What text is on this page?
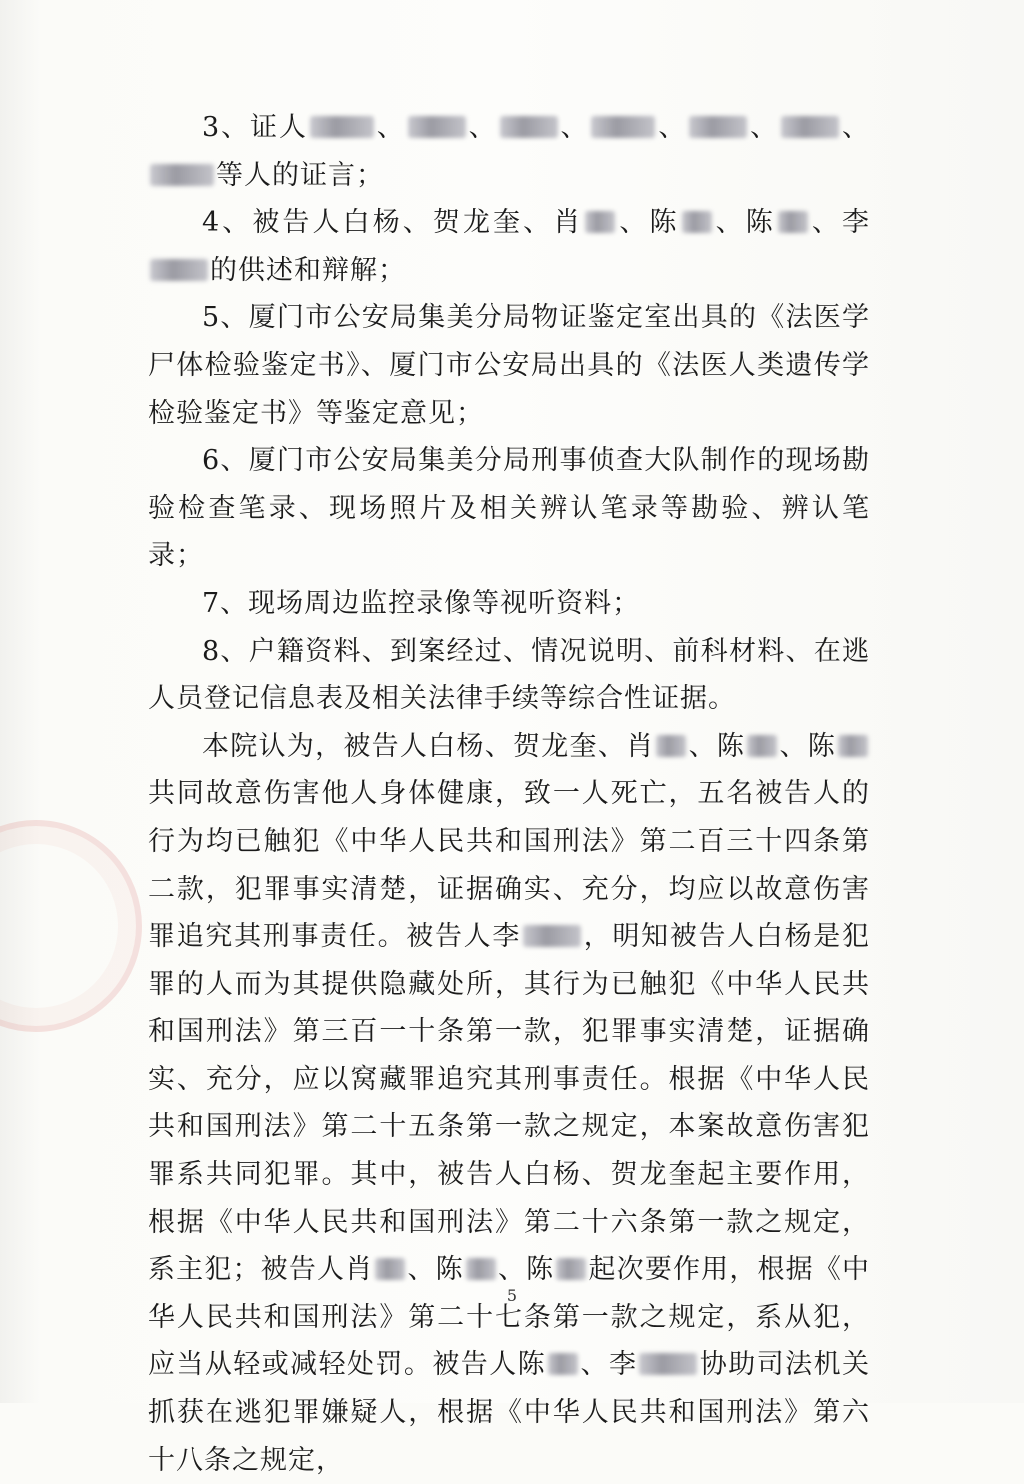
3、证人	、 、 、	、 、 、等人的证言；

4、被告人白杨、贺龙奎、肖 、陈 、陈 、李的供述和辩解；

5、厦门市公安局集美分局物证鉴定室出具的《法医学尸体检验鉴定书》、厦门市公安局出具的《法医人类遗传学检验鉴定书》等鉴定意见；

6、厦门市公安局集美分局刑事侦查大队制作的现场勘验检查笔录、现场照片及相关辨认笔录等勘验、辨认笔录；

7、现场周边监控录像等视听资料；

8、户籍资料、到案经过、情况说明、前科材料、在逃人员登记信息表及相关法律手续等综合性证据。

本院认为，被告人白杨、贺龙奎、肖 、陈 、陈共同故意伤害他人身体健康，致一人死亡，五名被告人的行为均已触犯《中华人民共和国刑法》第二百三十四条第二款，犯罪事实清楚，证据确实、充分，均应以故意伤害罪追究其刑事责任。被告人李 ，明知被告人白杨是犯罪的人而为其提供隐藏处所，其行为已触犯《中华人民共和国刑法》第三百一十条第一款，犯罪事实清楚，证据确实、充分，应以窝藏罪追究其刑事责任。根据《中华人民共和国刑法》第二十五条第一款之规定，本案故意伤害犯罪系共同犯罪。其中，被告人白杨、贺龙奎起主要作用，根据《中华人民共和国刑法》第二十六条第一款之规定，系主犯；被告人肖 、陈 、陈 起次要作用，根据《中华人民共和国刑法》第二十七条第一款之规定，系从犯，应当从轻或减轻处罚。被告人陈 、李 协助司法机关抓获在逃犯罪嫌疑人，根据《中华人民共和国刑法》第六十八条之规定，

5
